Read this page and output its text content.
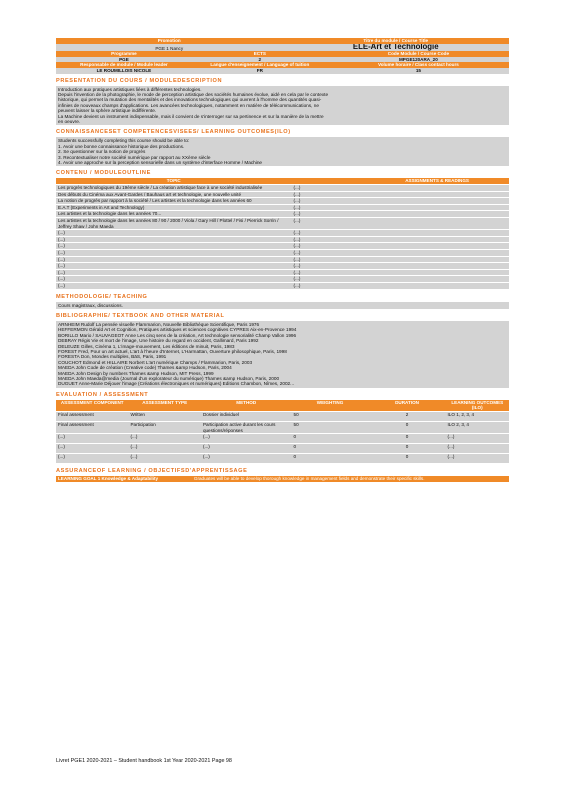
Promotion		Titre du module / Course Title	
PGE 1 Nancy		ELE-Art et Technologie	
Programme	ECTS		Code Module / Course Code
PGE	2		MPGE120ARA_20
Responsable de module / Module leader	Langue d'enseignement / Language of tuition		Volume horaire / Class contact hours
LE ROUMILLOIS NICOLE	FR		15
PRESENTATION DU COURS / MODULEDESCRIPTION
Introduction aux pratiques artistiques liées à différentes technologies.
Depuis l'invention de la photographie, le mode de perception artistique des sociétés humaines évolue, aidé en cela par le contexte
historique, qui permet la mutation des mentalités et des innovations technologiques qui ouvrent à l'homme des quantités quasi-
infinies de nouveaux champs d'applications. Les avancées technologiques, notamment en matière de télécommunications, ne
peuvent laisser la sphère artistique indifférente.
La Machine devient un instrument indispensable, mais il convient de s'interroger sur sa pertinence et sur la manière de la mettre
en oeuvre.
CONNAISSANCESET COMPETENCESVISEES/ LEARNING OUTCOMES(ILO)
Students successfully completing this course should be able to:
1. Avoir une bonne connaissance historique des productions.
2. Se questionner sur la notion de progrès
3. Recontextualiser notre société numérique par rapport au XXème siècle
4. Avoir une approche sur la perception sensorielle dans un système d'interface Homme / Machine
CONTENU / MODULEOUTLINE
TOPIC	ASSIGNMENTS & READINGS
Les progrès technologiques du 19ème siècle / La création artistique face à une société industrialisée	(...)
Des débuts du Cinéma aux Avant-Gardes / Bauhaus art et technologie, une nouvelle unité	(...)
La notion de progrès par rapport à la société / Les artistes et la technologie dans les années 60	(...)
E.A.T (Experiments in Art and Technology)	(...)
Les artistes et la technologie dans les années 70...	(...)
Les artistes et la technologie dans les années 80 / 90 / 2000 / Viola / Gary Hill / Plottel / Fisi / Pierrick Sorrin / Jeffrey Shaw / John Maeda	(...)
(...)	(...)
(...)	(...)
(...)	(...)
(...)	(...)
(...)	(...)
(...)	(...)
(...)	(...)
(...)	(...)
(...)	(...)
METHODOLOGIE/ TEACHING
Cours magistraux, discussions.
BIBLIOGRAPHIE/ TEXTBOOK AND OTHER MATERIAL
ARNHEIM Rudolf La pensée visuelle Flammarion, Nouvelle Bibliothèque Scientifique, Paris 1976
HEFFERMON Gérald Art et Cognition, Pratiques artistiques et sciences cognitives CYPRES Aix-en-Provence 1994
BORILLO Mario / SAUVAGEOT Anne Les cinq sens de la création, Art technologie sensorialité Champ Vallon 1996
DEBRAY Régis Vie et mort de l'image, Une histoire du regard en occident, Gallimard, Paris 1992
DELEUZE Gilles, Cinéma 1, L'image-mouvement, Les éditions de minuit, Paris, 1983
FOREST Fred, Pour un art actuel, L'art à l'heure d'Internet, L'Harmattan, Ouverture philosophique, Paris, 1998
FORESTA Don, Mondes multiples, BäS, Paris, 1991
COUCHOT Edmond et HILLAIRE Norbert L'art numérique Champs / Flammarion, Paris, 2003
MAEDA John Code de création (Creative code) Thames &amp Hudson, Paris, 2004
MAEDA John Design by numbers Thames &amp Hudson, MIT Press, 1999
MAEDA John Maeda@media (Journal d'un explorateur du numérique) Thames &amp Hudson, Paris, 2000
DUGUET Anne-Marie Déjouer l'image (Créations électroniques et numériques) Editions Chambon, Nîmes, 2002...
EVALUATION / ASSESSMENT
ASSESSMENT COMPONENT	ASSESSMENT TYPE	METHOD	WEIGHTING	DURATION	LEARNING OUTCOMES (ILO)
Final assessment	Written	Dossier individuel	50	2	ILO 1, 2, 3, 4
Final assessment	Participation	Participation active durant les cours questions/réponses	50	0	ILO 2, 3, 4
(...)	(...)	(...)	0	0	(...)
(...)	(...)	(...)	0	0	(...)
(...)	(...)	(...)	0	0	(...)
ASSURANCEOF LEARNING / OBJECTIFSD'APPRENTISSAGE
LEARNING GOAL 1 Knowledge & Adaptability	Graduates will be able to develop thorough knowledge in management fields and demonstrate their specific skills.
Livret PGE1 2020-2021 – Student handbook 1st Year 2020-2021 Page 98
